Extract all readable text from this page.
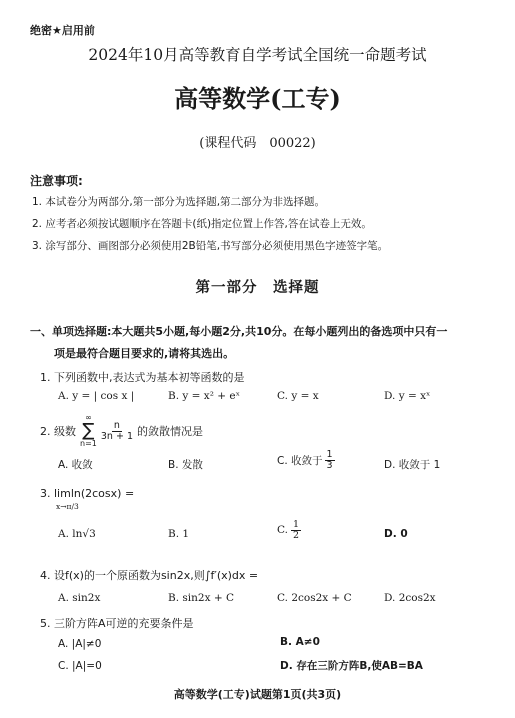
绝密★启用前
2024年10月高等教育自学考试全国统一命题考试
高等数学(工专)
(课程代码　00022)
注意事项:
1. 本试卷分为两部分,第一部分为选择题,第二部分为非选择题。
2. 应考者必须按试题顺序在答题卡(纸)指定位置上作答,答在试卷上无效。
3. 涂写部分、画图部分必须使用2B铅笔,书写部分必须使用黑色字迹签字笔。
第一部分　选择题
一、单项选择题:本大题共5小题,每小题2分,共10分。在每小题列出的备选项中只有一
项是最符合题目要求的,请将其选出。
1. 下列函数中,表达式为基本初等函数的是
A. y = | cos x |	B. y = x² + eˣ	C. y = x	D. y = xˣ
2. 级数
∞
∑
n=1
$\frac{n}{3n + 1}$ 的敛散情况是
A. 收敛	B. 发散	C. 收敛于 $\frac{1}{3}$	D. 收敛于 1
3. limln(2cosx) =
x→π/3
A. ln√3	B. 1	C. $\frac{1}{2}$	D. 0
4. 设f(x)的一个原函数为sin2x,则∫f′(x)dx =
A. sin2x	B. sin2x + C	C. 2cos2x + C	D. 2cos2x
5. 三阶方阵A可逆的充要条件是
A. |A|≠0	B. A≠0
C. |A|=0	D. 存在三阶方阵B,使AB=BA
高等数学(工专)试题第1页(共3页)
